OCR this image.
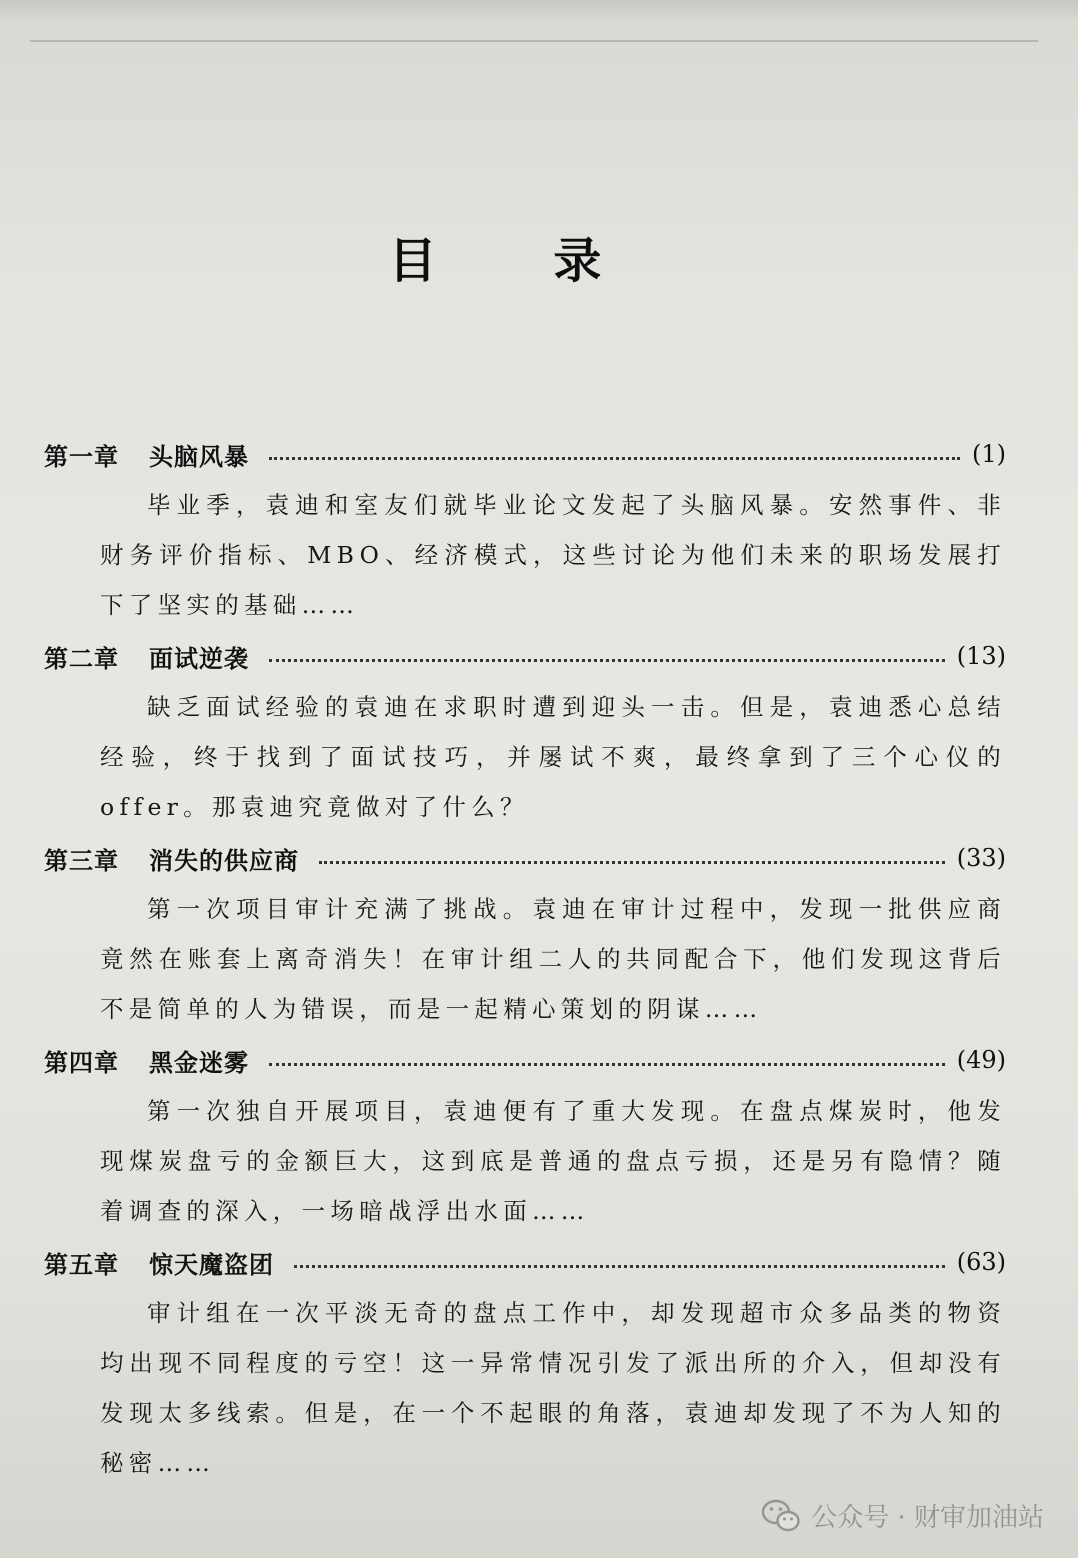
目 录
第一章 头脑风暴	(1)

毕业季，袁迪和室友们就毕业论文发起了头脑风暴。安然事件、非财务评价指标、MBO、经济模式，这些讨论为他们未来的职场发展打下了坚实的基础……

第二章 面试逆袭	(13)

缺乏面试经验的袁迪在求职时遭到迎头一击。但是，袁迪悉心总结经验，终于找到了面试技巧，并屡试不爽，最终拿到了三个心仪的offer。那袁迪究竟做对了什么？

第三章 消失的供应商	(33)

第一次项目审计充满了挑战。袁迪在审计过程中，发现一批供应商竟然在账套上离奇消失！在审计组二人的共同配合下，他们发现这背后不是简单的人为错误，而是一起精心策划的阴谋……

第四章 黑金迷雾	(49)

第一次独自开展项目，袁迪便有了重大发现。在盘点煤炭时，他发现煤炭盘亏的金额巨大，这到底是普通的盘点亏损，还是另有隐情？随着调查的深入，一场暗战浮出水面……

第五章 惊天魔盗团	(63)

审计组在一次平淡无奇的盘点工作中，却发现超市众多品类的物资均出现不同程度的亏空！这一异常情况引发了派出所的介入，但却没有发现太多线索。但是，在一个不起眼的角落，袁迪却发现了不为人知的秘密……

公众号 · 财审加油站
